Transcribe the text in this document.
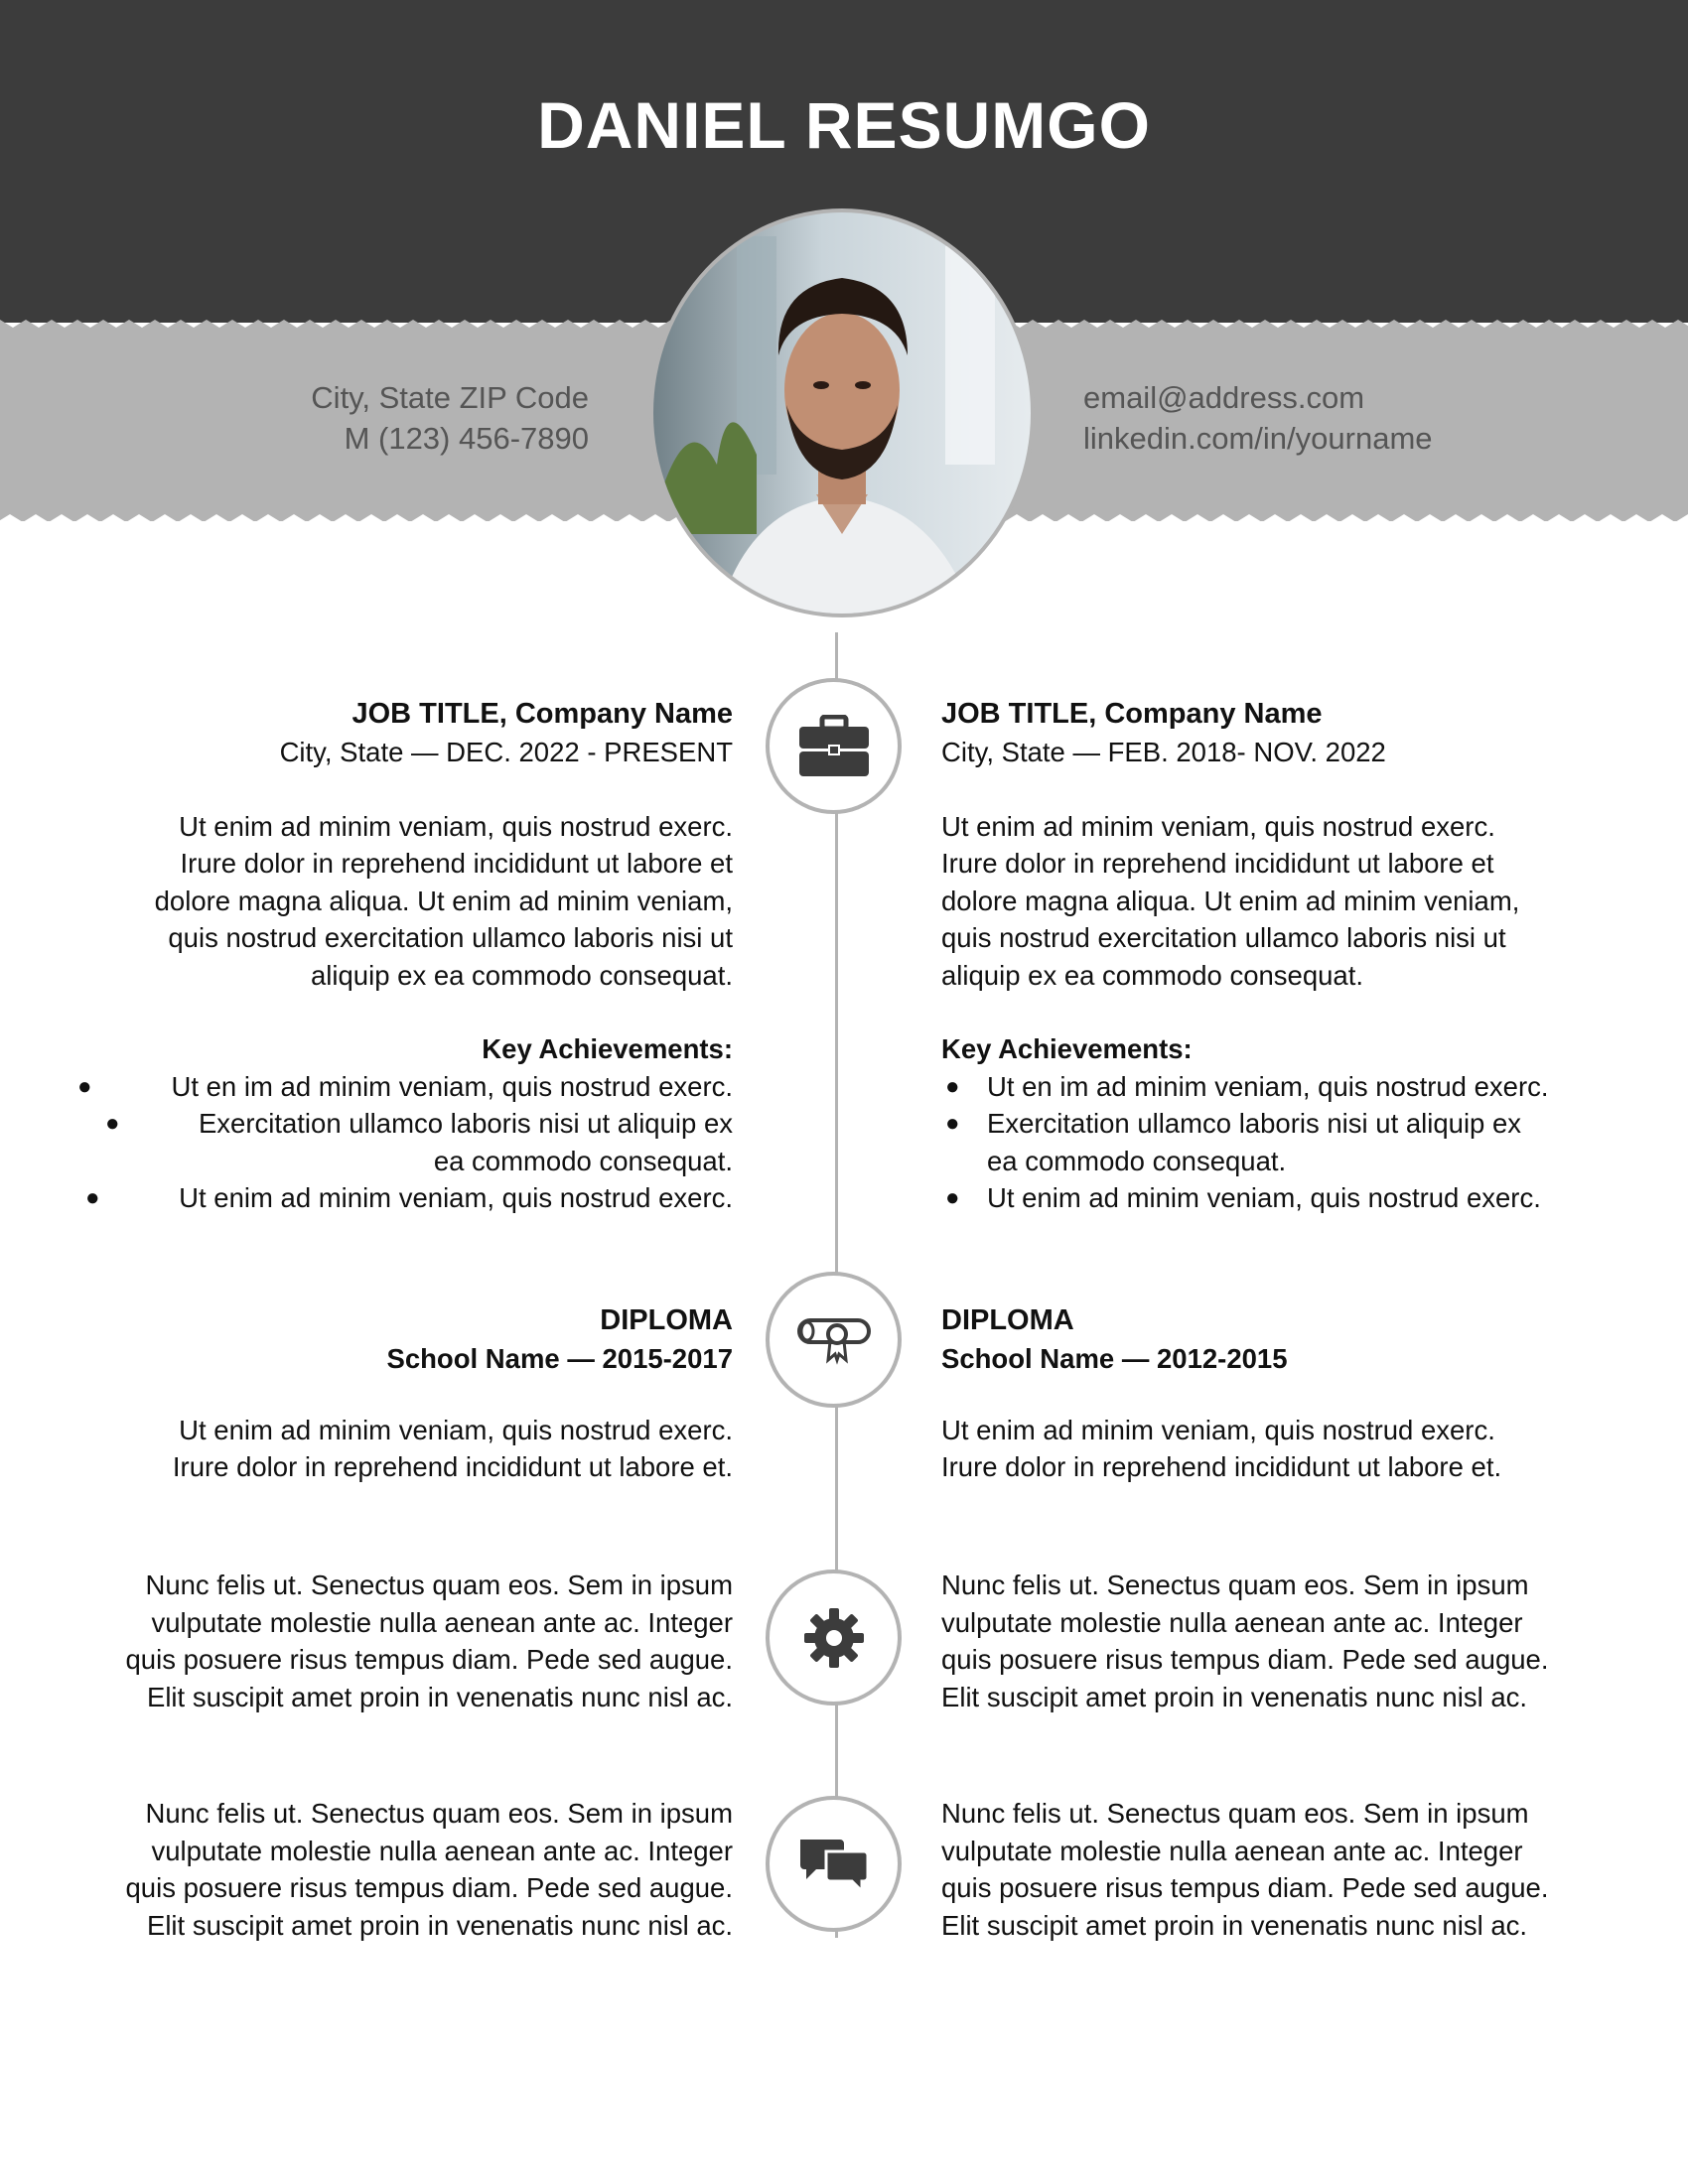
DANIEL RESUMGO
City, State ZIP Code
M (123) 456-7890
email@address.com
linkedin.com/in/yourname
JOB TITLE, Company Name
City, State — DEC. 2022 - PRESENT
Ut enim ad minim veniam, quis nostrud exerc.
Irure dolor in reprehend incididunt ut labore et
dolore magna aliqua. Ut enim ad minim veniam,
quis nostrud exercitation ullamco laboris nisi ut
aliquip ex ea commodo consequat.
Key Achievements:
●	Ut en im ad minim veniam, quis nostrud exerc.
●	Exercitation ullamco laboris nisi ut aliquip ex
ea commodo consequat.
●	Ut enim ad minim veniam, quis nostrud exerc.
JOB TITLE, Company Name
City, State — FEB. 2018- NOV. 2022
Ut enim ad minim veniam, quis nostrud exerc.
Irure dolor in reprehend incididunt ut labore et
dolore magna aliqua. Ut enim ad minim veniam,
quis nostrud exercitation ullamco laboris nisi ut
aliquip ex ea commodo consequat.
Key Achievements:
● Ut en im ad minim veniam, quis nostrud exerc.
● Exercitation ullamco laboris nisi ut aliquip ex
ea commodo consequat.
● Ut enim ad minim veniam, quis nostrud exerc.
DIPLOMA
School Name — 2015-2017
Ut enim ad minim veniam, quis nostrud exerc.
Irure dolor in reprehend incididunt ut labore et.
DIPLOMA
School Name — 2012-2015
Ut enim ad minim veniam, quis nostrud exerc.
Irure dolor in reprehend incididunt ut labore et.
Nunc felis ut. Senectus quam eos. Sem in ipsum
vulputate molestie nulla aenean ante ac. Integer
quis posuere risus tempus diam. Pede sed augue.
Elit suscipit amet proin in venenatis nunc nisl ac.
Nunc felis ut. Senectus quam eos. Sem in ipsum
vulputate molestie nulla aenean ante ac. Integer
quis posuere risus tempus diam. Pede sed augue.
Elit suscipit amet proin in venenatis nunc nisl ac.
Nunc felis ut. Senectus quam eos. Sem in ipsum
vulputate molestie nulla aenean ante ac. Integer
quis posuere risus tempus diam. Pede sed augue.
Elit suscipit amet proin in venenatis nunc nisl ac.
Nunc felis ut. Senectus quam eos. Sem in ipsum
vulputate molestie nulla aenean ante ac. Integer
quis posuere risus tempus diam. Pede sed augue.
Elit suscipit amet proin in venenatis nunc nisl ac.
